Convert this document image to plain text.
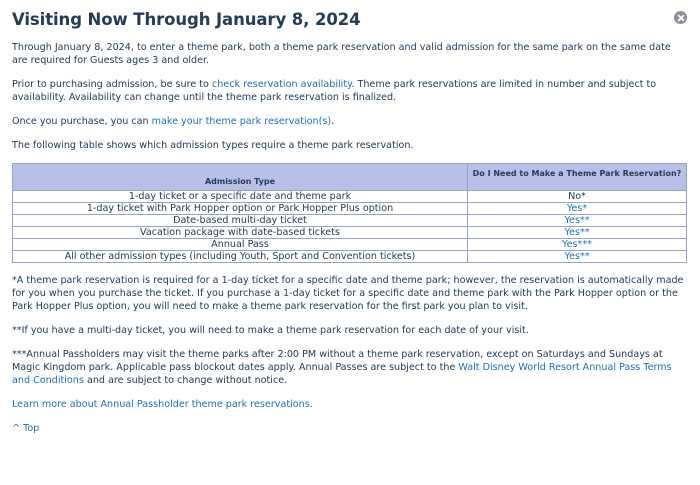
Visiting Now Through January 8, 2024

Through January 8, 2024, to enter a theme park, both a theme park reservation and valid admission for the same park on the same date are required for Guests ages 3 and older.

Prior to purchasing admission, be sure to check reservation availability. Theme park reservations are limited in number and subject to availability. Availability can change until the theme park reservation is finalized.

Once you purchase, you can make your theme park reservation(s).

The following table shows which admission types require a theme park reservation.

Admission Type	Do I Need to Make a Theme Park Reservation?
1-day ticket or a specific date and theme park	No*
1-day ticket with Park Hopper option or Park Hopper Plus option	Yes*
Date-based multi-day ticket	Yes**
Vacation package with date-based tickets	Yes**
Annual Pass	Yes***
All other admission types (including Youth, Sport and Convention tickets)	Yes**

*A theme park reservation is required for a 1-day ticket for a specific date and theme park; however, the reservation is automatically made for you when you purchase the ticket. If you purchase a 1-day ticket for a specific date and theme park with the Park Hopper option or the Park Hopper Plus option, you will need to make a theme park reservation for the first park you plan to visit.

**If you have a multi-day ticket, you will need to make a theme park reservation for each date of your visit.

***Annual Passholders may visit the theme parks after 2:00 PM without a theme park reservation, except on Saturdays and Sundays at Magic Kingdom park. Applicable pass blockout dates apply. Annual Passes are subject to the Walt Disney World Resort Annual Pass Terms and Conditions and are subject to change without notice.

Learn more about Annual Passholder theme park reservations.

^ Top
